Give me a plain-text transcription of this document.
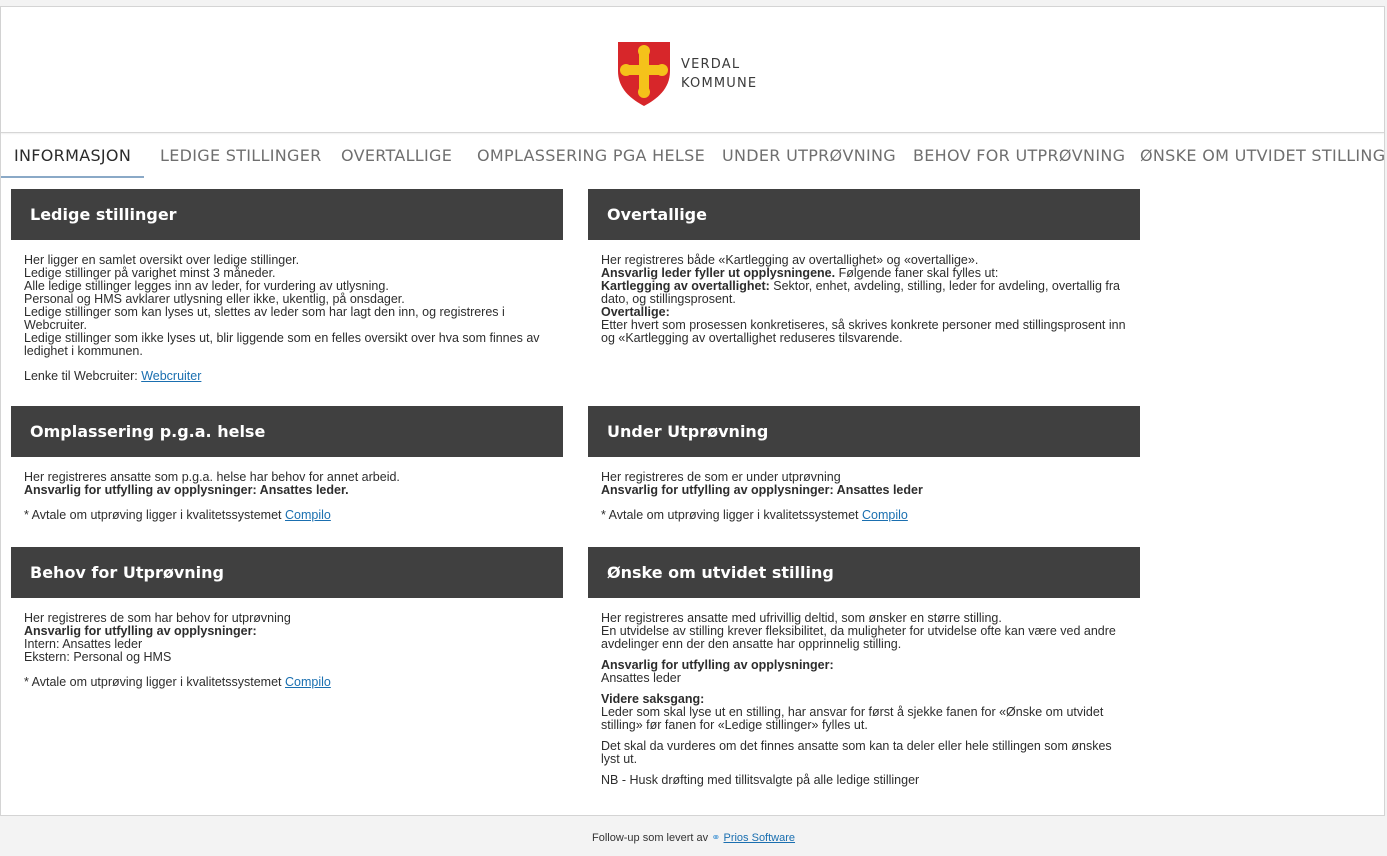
VERDAL
KOMMUNE
INFORMASJON	LEDIGE STILLINGER OVERTALLIGE OMPLASSERING PGA HELSE UNDER UTPRØVNING BEHOV FOR UTPRØVNING ØNSKE OM UTVIDET STILLING
Ledige stillinger

Her ligger en samlet oversikt over ledige stillinger.

Ledige stillinger på varighet minst 3 måneder.

Alle ledige stillinger legges inn av leder, for vurdering av utlysning.

Personal og HMS avklarer utlysning eller ikke, ukentlig, på onsdager.

Ledige stillinger som kan lyses ut, slettes av leder som har lagt den inn, og registreres i Webcruiter.

Ledige stillinger som ikke lyses ut, blir liggende som en felles oversikt over hva som finnes av ledighet i kommunen.

Lenke til Webcruiter: Webcruiter

Overtallige

Her registreres både «Kartlegging av overtallighet» og «overtallige».

Ansvarlig leder fyller ut opplysningene. Følgende faner skal fylles ut:

Kartlegging av overtallighet: Sektor, enhet, avdeling, stilling, leder for avdeling, overtallig fra dato, og stillingsprosent.

Overtallige:

Etter hvert som prosessen konkretiseres, så skrives konkrete personer med stillingsprosent inn og «Kartlegging av overtallighet reduseres tilsvarende.

Omplassering p.g.a. helse

Her registreres ansatte som p.g.a. helse har behov for annet arbeid.

Ansvarlig for utfylling av opplysninger: Ansattes leder.

* Avtale om utprøving ligger i kvalitetssystemet Compilo

Under Utprøvning

Her registreres de som er under utprøvning

Ansvarlig for utfylling av opplysninger: Ansattes leder

* Avtale om utprøving ligger i kvalitetssystemet Compilo

Behov for Utprøvning

Her registreres de som har behov for utprøvning

Ansvarlig for utfylling av opplysninger:

Intern: Ansattes leder

Ekstern: Personal og HMS

* Avtale om utprøving ligger i kvalitetssystemet Compilo

Ønske om utvidet stilling

Her registreres ansatte med ufrivillig deltid, som ønsker en større stilling.

En utvidelse av stilling krever fleksibilitet, da muligheter for utvidelse ofte kan være ved andre avdelinger enn der den ansatte har opprinnelig stilling.

Ansvarlig for utfylling av opplysninger:

Ansattes leder

Videre saksgang:

Leder som skal lyse ut en stilling, har ansvar for først å sjekke fanen for «Ønske om utvidet stilling» før fanen for «Ledige stillinger» fylles ut.

Det skal da vurderes om det finnes ansatte som kan ta deler eller hele stillingen som ønskes lyst ut.

NB - Husk drøfting med tillitsvalgte på alle ledige stillinger

Follow-up som levert av ⚭ Prios Software
